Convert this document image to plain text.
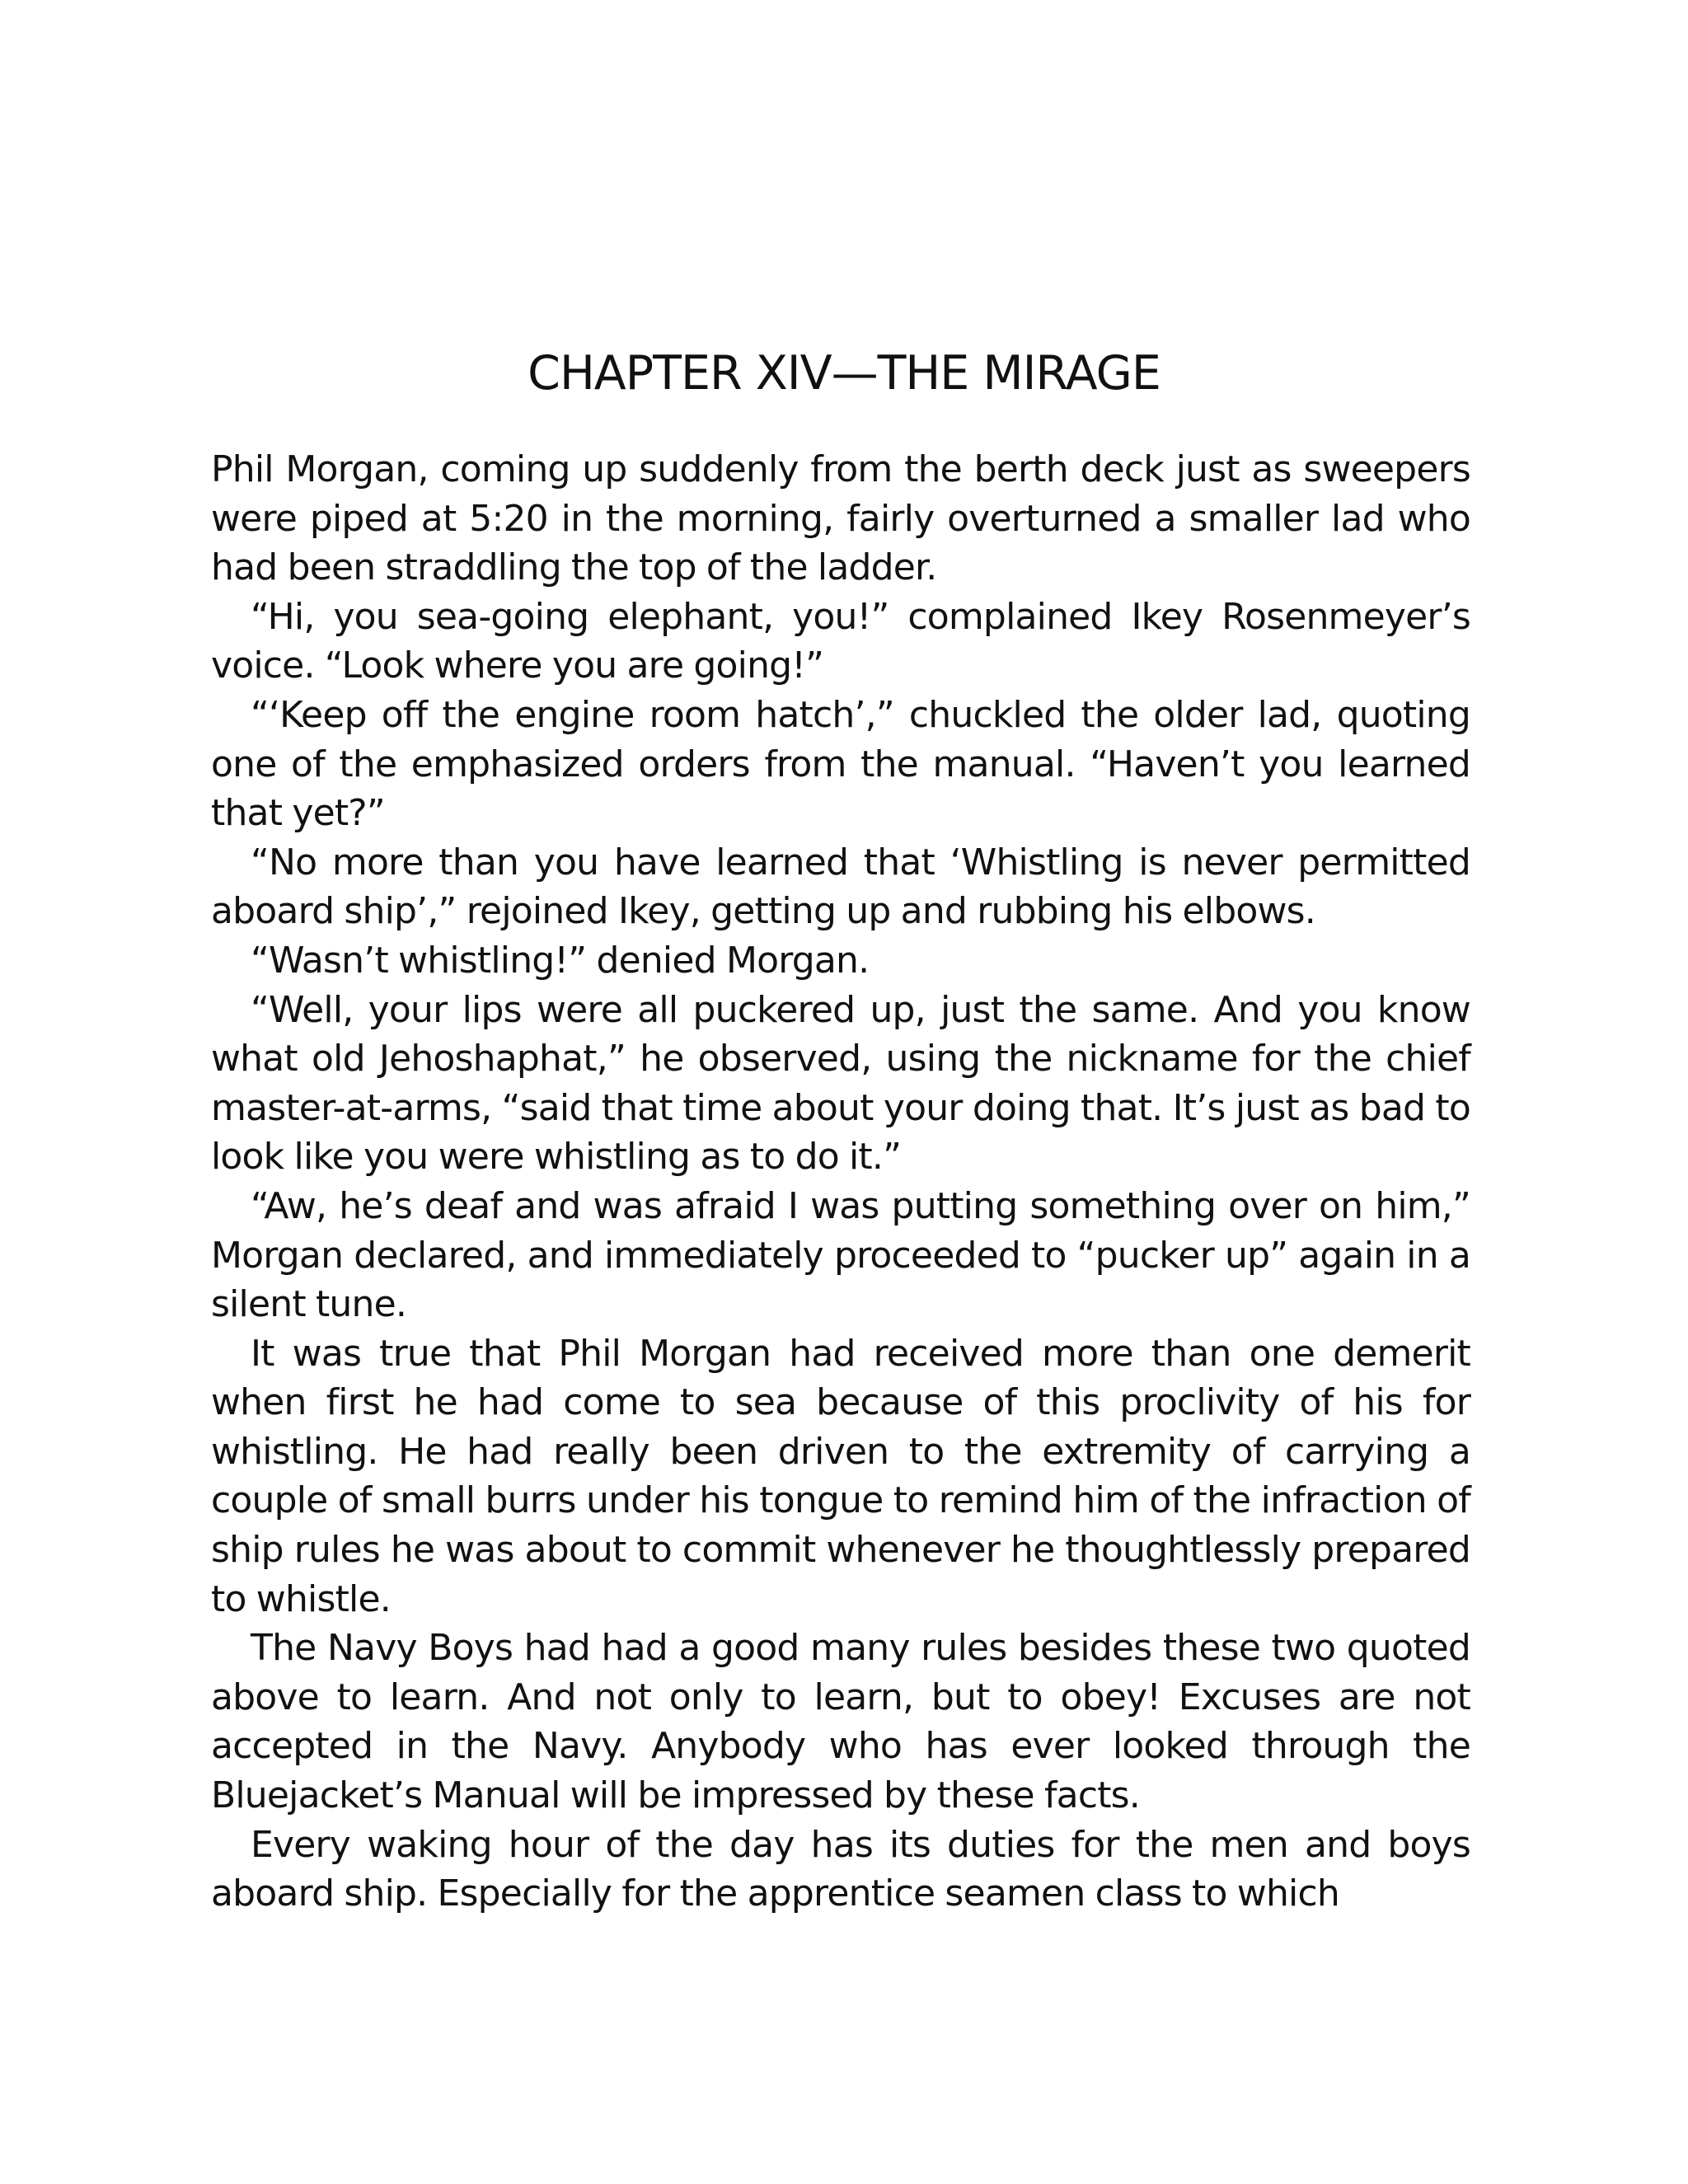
CHAPTER XIV—THE MIRAGE

Phil Morgan, coming up suddenly from the berth deck just as sweepers were piped at 5:20 in the morning, fairly overturned a smaller lad who had been straddling the top of the ladder.

“Hi, you sea-going elephant, you!” complained Ikey Rosenmeyer’s voice. “Look where you are going!”

“‘Keep off the engine room hatch’,” chuckled the older lad, quoting one of the emphasized orders from the manual. “Haven’t you learned that yet?”

“No more than you have learned that ‘Whistling is never permitted aboard ship’,” rejoined Ikey, getting up and rubbing his elbows.

“Wasn’t whistling!” denied Morgan.

“Well, your lips were all puckered up, just the same. And you know what old Jehoshaphat,” he observed, using the nickname for the chief master-at-arms, “said that time about your doing that. It’s just as bad to look like you were whistling as to do it.”

“Aw, he’s deaf and was afraid I was putting something over on him,” Morgan declared, and immediately proceeded to “pucker up” again in a silent tune.

It was true that Phil Morgan had received more than one demerit when first he had come to sea because of this proclivity of his for whistling. He had really been driven to the extremity of carrying a couple of small burrs under his tongue to remind him of the infraction of ship rules he was about to commit whenever he thoughtlessly prepared to whistle.

The Navy Boys had had a good many rules besides these two quoted above to learn. And not only to learn, but to obey! Excuses are not accepted in the Navy. Anybody who has ever looked through the Bluejacket’s Manual will be impressed by these facts.

Every waking hour of the day has its duties for the men and boys aboard ship. Especially for the apprentice seamen class to which
